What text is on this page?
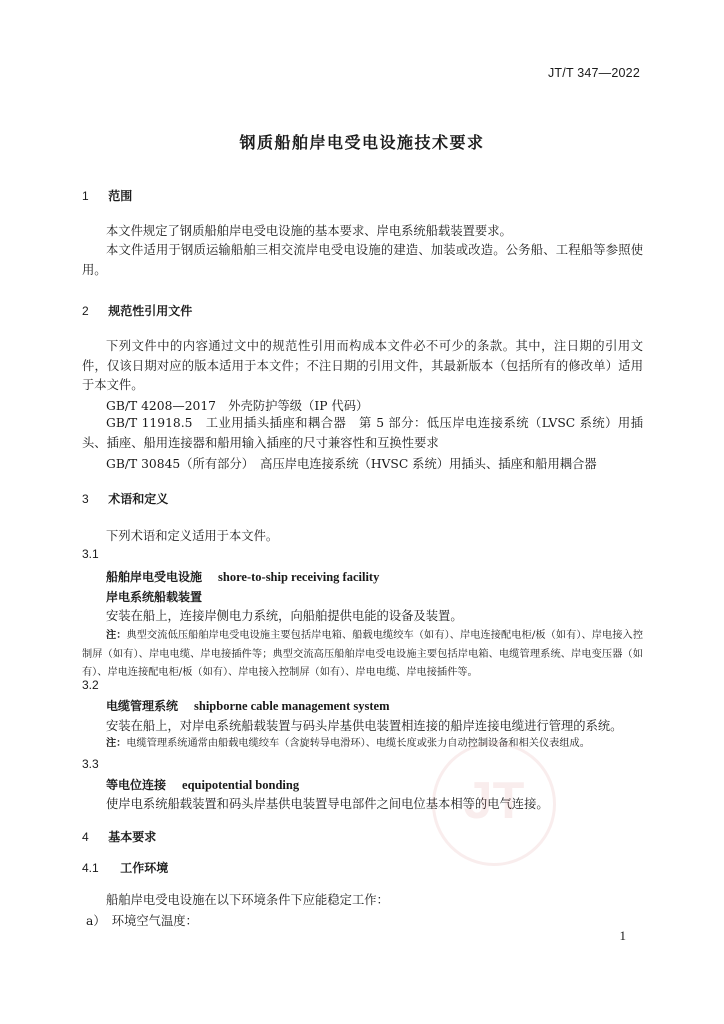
JT/T 347—2022
钢质船舶岸电受电设施技术要求
1 范围
本文件规定了钢质船舶岸电受电设施的基本要求、岸电系统船载装置要求。
本文件适用于钢质运输船舶三相交流岸电受电设施的建造、加装或改造。公务船、工程船等参照使用。
2 规范性引用文件
下列文件中的内容通过文中的规范性引用而构成本文件必不可少的条款。其中，注日期的引用文件，仅该日期对应的版本适用于本文件；不注日期的引用文件，其最新版本（包括所有的修改单）适用于本文件。
GB/T 4208—2017　外壳防护等级（IP 代码）
GB/T 11918.5　工业用插头插座和耦合器　第 5 部分：低压岸电连接系统（LVSC 系统）用插头、插座、船用连接器和船用输入插座的尺寸兼容性和互换性要求
GB/T 30845（所有部分）　高压岸电连接系统（HVSC 系统）用插头、插座和船用耦合器
3 术语和定义
下列术语和定义适用于本文件。
3.1
船舶岸电受电设施 shore-to-ship receiving facility
岸电系统船载装置
安装在船上，连接岸侧电力系统，向船舶提供电能的设备及装置。
注：典型交流低压船舶岸电受电设施主要包括岸电箱、船载电缆绞车（如有）、岸电连接配电柜/板（如有）、岸电接入控制屏（如有）、岸电电缆、岸电接插件等；典型交流高压船舶岸电受电设施主要包括岸电箱、电缆管理系统、岸电变压器（如有）、岸电连接配电柜/板（如有）、岸电接入控制屏（如有）、岸电电缆、岸电接插件等。
3.2
电缆管理系统 shipborne cable management system
安装在船上，对岸电系统船载装置与码头岸基供电装置相连接的船岸连接电缆进行管理的系统。
注：电缆管理系统通常由船载电缆绞车（含旋转导电滑环）、电缆长度或张力自动控制设备和相关仪表组成。
3.3
等电位连接 equipotential bonding
使岸电系统船载装置和码头岸基供电装置导电部件之间电位基本相等的电气连接。
JT
4 基本要求
4.1 工作环境
船舶岸电受电设施在以下环境条件下应能稳定工作：
a）　环境空气温度：
1
